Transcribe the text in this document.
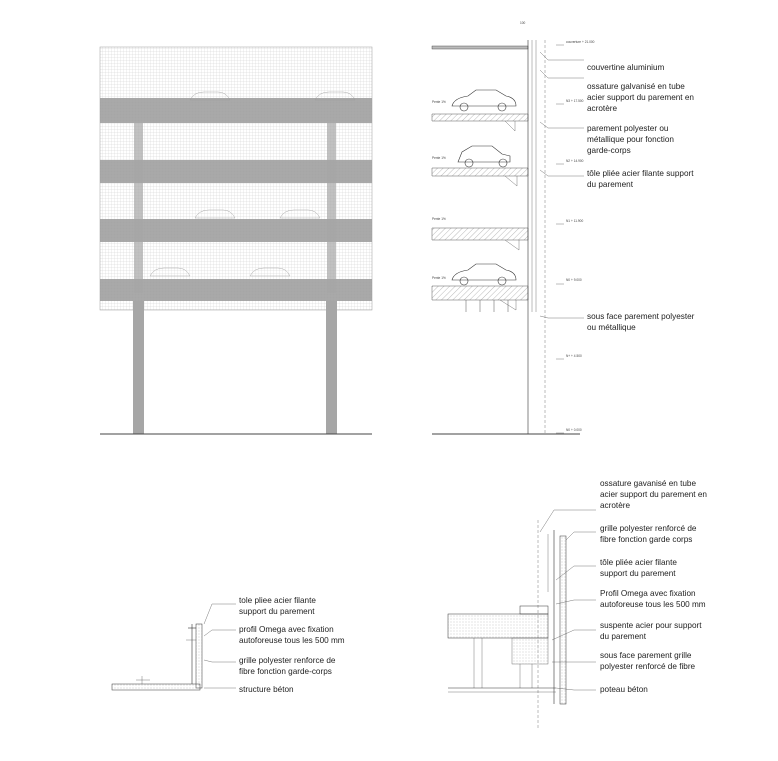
100
couverture + 21.000
N3 + 17.500
N2 + 14.900
N1 + 11.900
N0 + 9.000
N+ + 4.500
N0 + 0.000
Pente 1%
Pente 1%
Pente 1%
Pente 1%
couvertine aluminium
ossature galvanisé en tube
acier support du parement en
acrotère
parement polyester ou
métallique pour fonction
garde-corps
tôle pliée acier filante support
du parement
sous face parement polyester
ou métallique
tole pliee acier filante
support du parement
profil Omega avec fixation
autoforeuse tous les 500 mm
grille polyester renforce de
fibre fonction garde-corps
structure béton
ossature gavanisé en tube
acier support du parement en
acrotère
grille polyester renforcé de
fibre fonction garde corps
tôle pliée acier filante
support du parement
Profil Omega avec fixation
autoforeuse tous les 500 mm
suspente acier pour support
du parement
sous face parement grille
polyester renforcé de fibre
poteau béton
